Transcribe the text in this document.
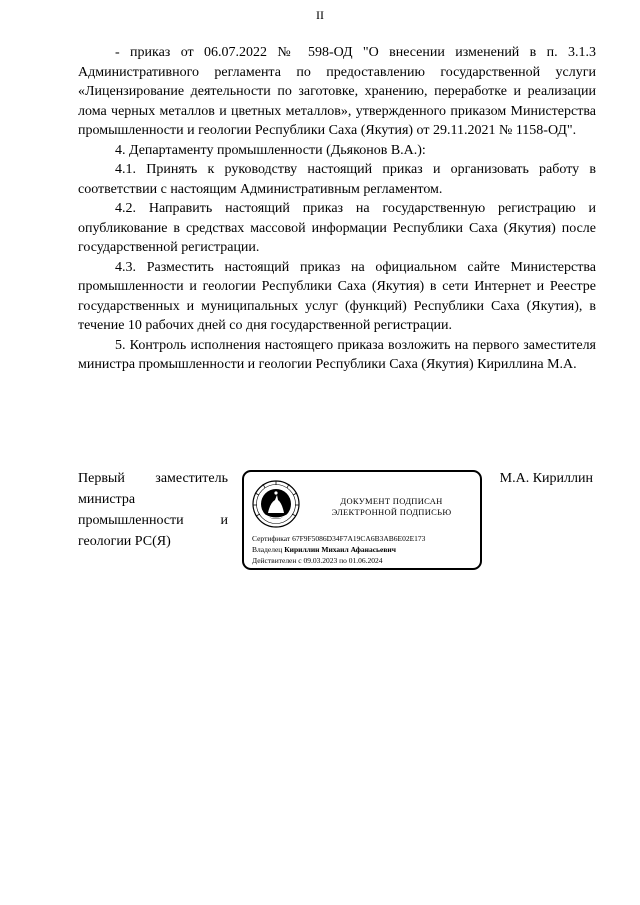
II

- приказ от 06.07.2022 № 598-ОД "О внесении изменений в п. 3.1.3 Административного регламента по предоставлению государственной услуги «Лицензирование деятельности по заготовке, хранению, переработке и реализации лома черных металлов и цветных металлов», утвержденного приказом Министерства промышленности и геологии Республики Саха (Якутия) от 29.11.2021 № 1158-ОД".

4. Департаменту промышленности (Дьяконов В.А.):

4.1. Принять к руководству настоящий приказ и организовать работу в соответствии с настоящим Административным регламентом.

4.2. Направить настоящий приказ на государственную регистрацию и опубликование в средствах массовой информации Республики Саха (Якутия) после государственной регистрации.

4.3. Разместить настоящий приказ на официальном сайте Министерства промышленности и геологии Республики Саха (Якутия) в сети Интернет и Реестре государственных и муниципальных услуг (функций) Республики Саха (Якутия), в течение 10 рабочих дней со дня государственной регистрации.

5. Контроль исполнения настоящего приказа возложить на первого заместителя министра промышленности и геологии Республики Саха (Якутия) Кириллина М.А.

Первый заместитель
министра
промышленности	и
геологии РС(Я)
ДОКУМЕНТ ПОДПИСАН
ЭЛЕКТРОННОЙ ПОДПИСЬЮ
Сертификат 67F9F5086D34F7A19CA6B3AB6E02E173
Владелец Кириллин Михаил Афанасьевич
Действителен с 09.03.2023 по 01.06.2024
М.А. Кириллин
